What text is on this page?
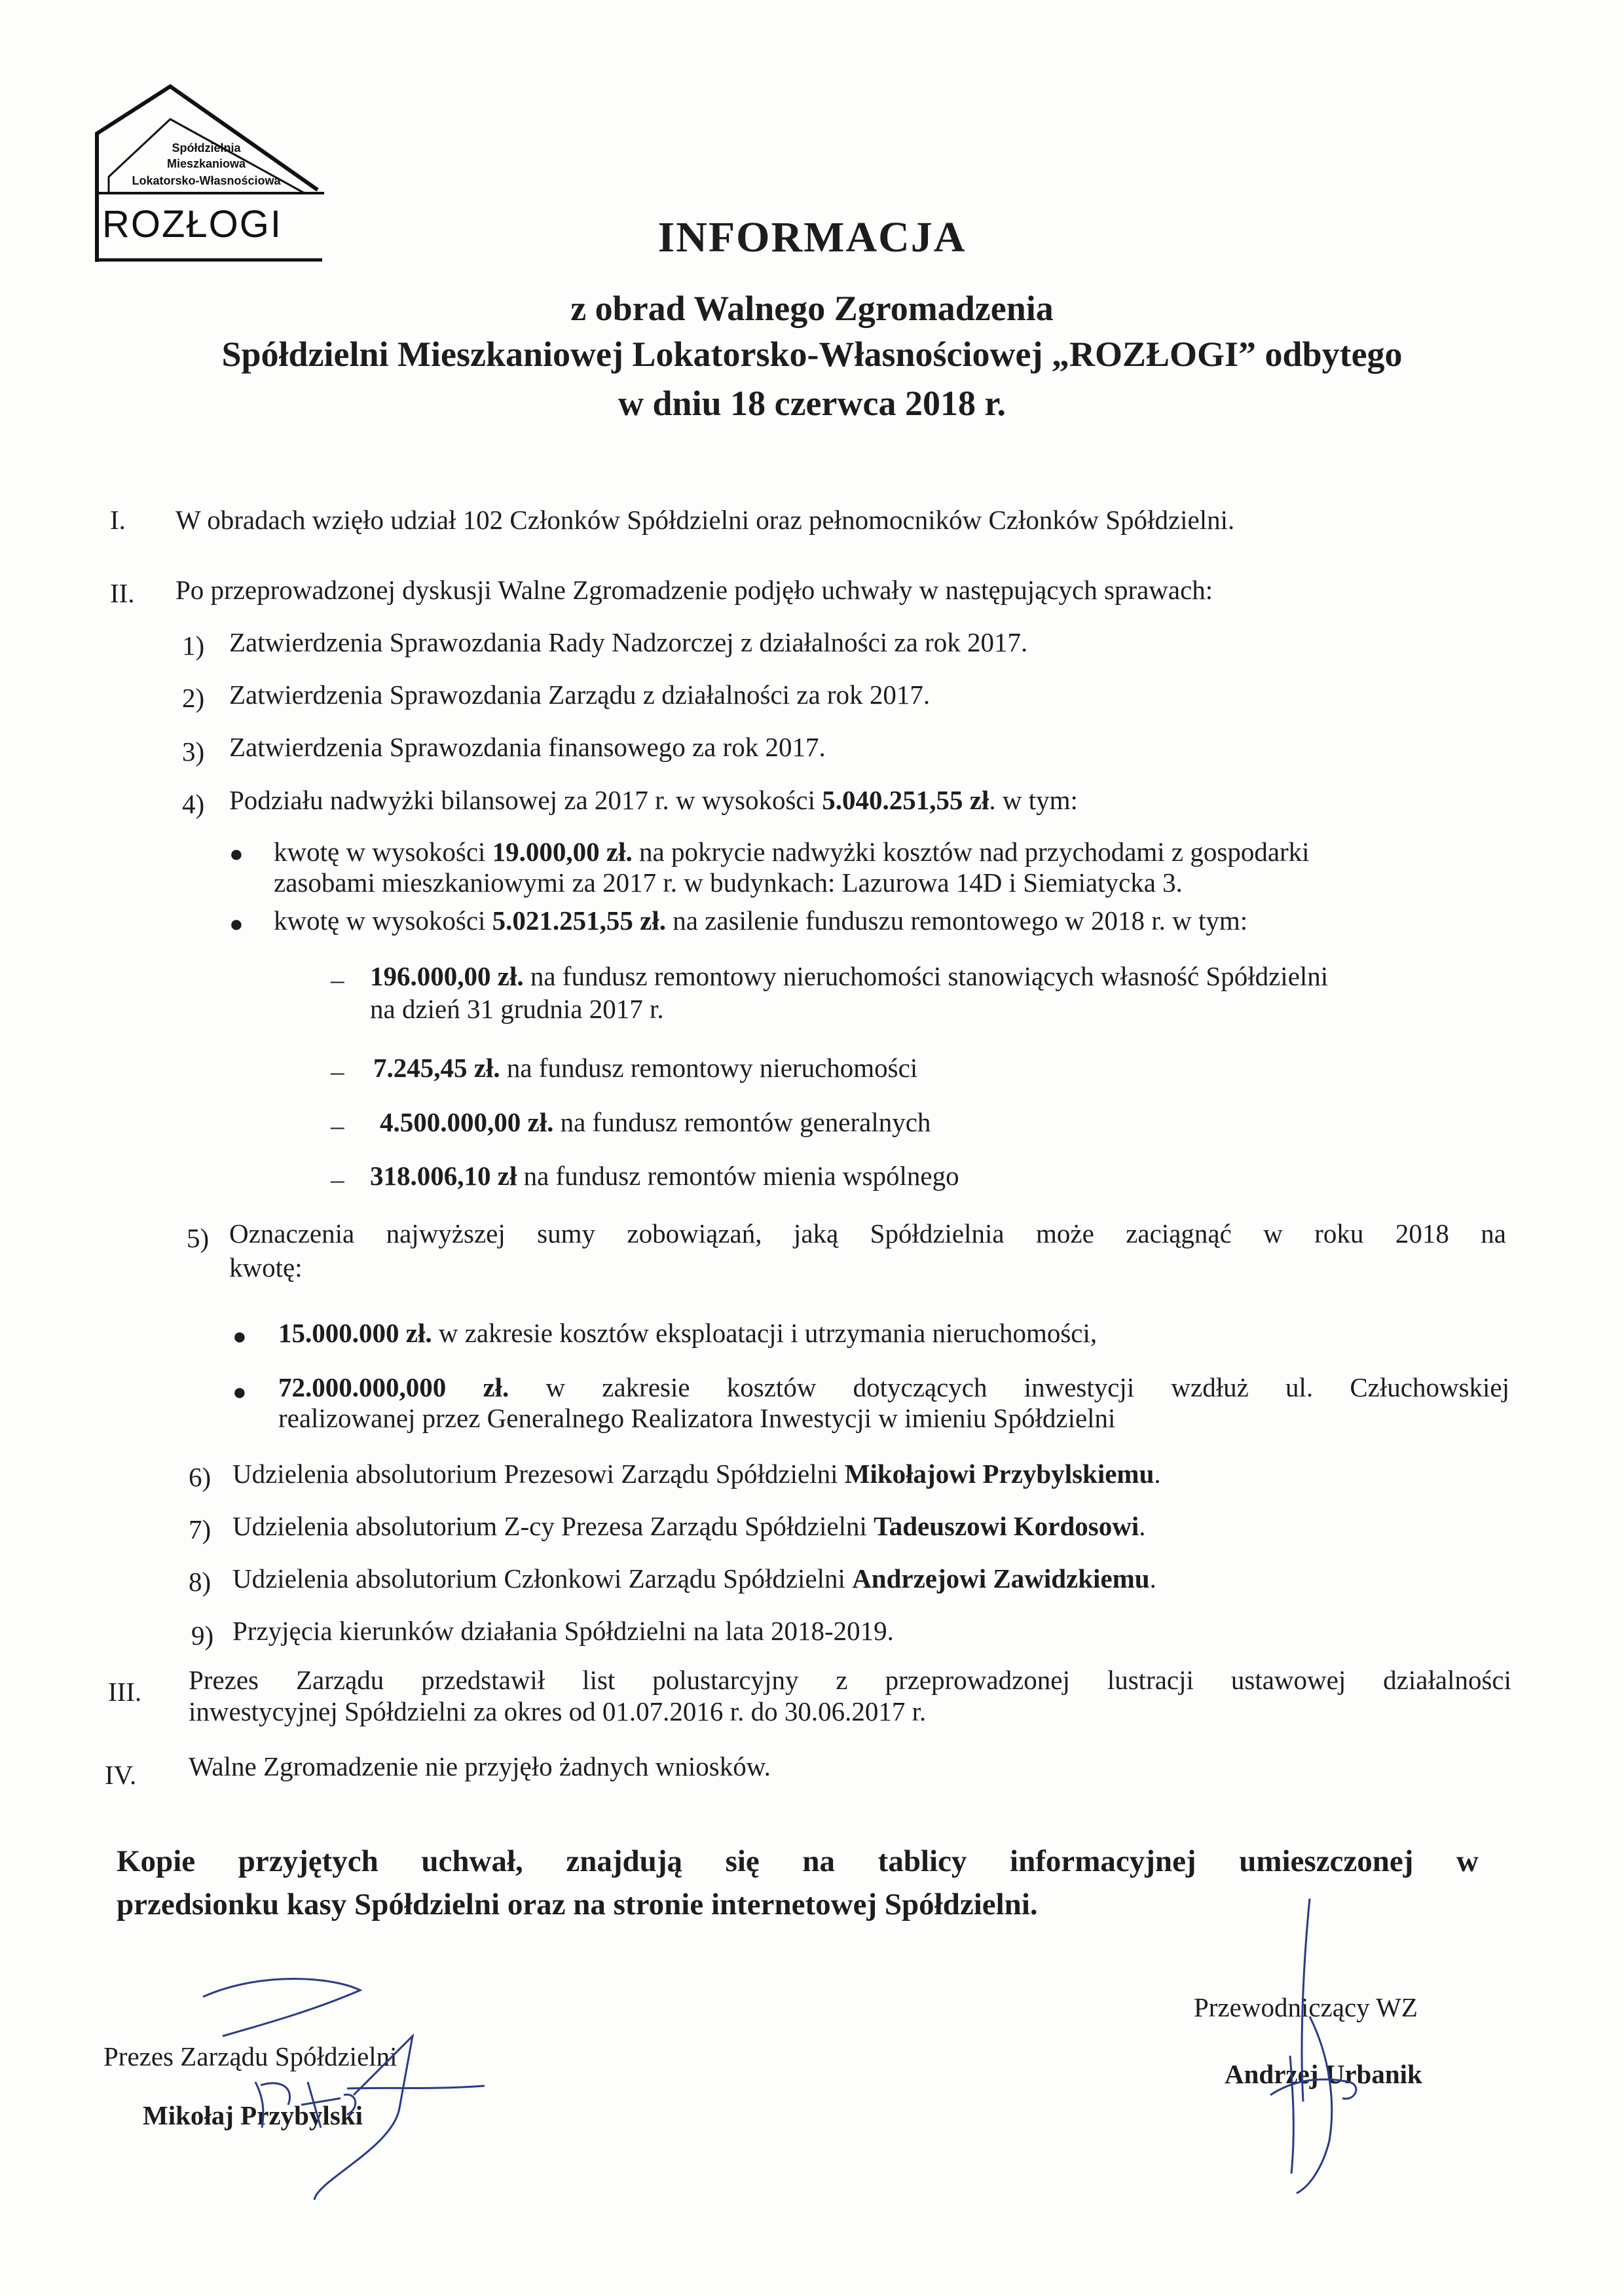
Spółdzielnia
Mieszkaniowa
Lokatorsko-Własnościowa
ROZŁOGI	INFORMACJA
z obrad Walnego Zgromadzenia
Spółdzielni Mieszkaniowej Lokatorsko-Własnościowej „ROZŁOGI” odbytego
w dniu 18 czerwca 2018 r.
I. W obradach wzięło udział 102 Członków Spółdzielni oraz pełnomocników Członków Spółdzielni.
II. Po przeprowadzonej dyskusji Walne Zgromadzenie podjęło uchwały w następujących sprawach:
1) Zatwierdzenia Sprawozdania Rady Nadzorczej z działalności za rok 2017.
2) Zatwierdzenia Sprawozdania Zarządu z działalności za rok 2017.
3) Zatwierdzenia Sprawozdania finansowego za rok 2017.
4) Podziału nadwyżki bilansowej za 2017 r. w wysokości 5.040.251,55 zł. w tym:
● kwotę w wysokości 19.000,00 zł. na pokrycie nadwyżki kosztów nad przychodami z gospodarki
zasobami mieszkaniowymi za 2017 r. w budynkach: Lazurowa 14D i Siemiatycka 3.
● kwotę w wysokości 5.021.251,55 zł. na zasilenie funduszu remontowego w 2018 r. w tym:
– 196.000,00 zł. na fundusz remontowy nieruchomości stanowiących własność Spółdzielni
na dzień 31 grudnia 2017 r.
– 7.245,45 zł. na fundusz remontowy nieruchomości
– 4.500.000,00 zł. na fundusz remontów generalnych
– 318.006,10 zł na fundusz remontów mienia wspólnego
5) Oznaczenia najwyższej sumy zobowiązań, jaką Spółdzielnia może zaciągnąć w roku 2018 na
kwotę:
● 15.000.000 zł. w zakresie kosztów eksploatacji i utrzymania nieruchomości,
● 72.000.000,000 zł. w zakresie kosztów dotyczących inwestycji wzdłuż ul. Człuchowskiej
realizowanej przez Generalnego Realizatora Inwestycji w imieniu Spółdzielni
6) Udzielenia absolutorium Prezesowi Zarządu Spółdzielni Mikołajowi Przybylskiemu.
7) Udzielenia absolutorium Z-cy Prezesa Zarządu Spółdzielni Tadeuszowi Kordosowi.
8) Udzielenia absolutorium Członkowi Zarządu Spółdzielni Andrzejowi Zawidzkiemu.
9) Przyjęcia kierunków działania Spółdzielni na lata 2018-2019.
III. Prezes Zarządu przedstawił list polustarcyjny z przeprowadzonej lustracji ustawowej działalności
inwestycyjnej Spółdzielni za okres od 01.07.2016 r. do 30.06.2017 r.
IV. Walne Zgromadzenie nie przyjęło żadnych wniosków.
Kopie przyjętych uchwał, znajdują się na tablicy informacyjnej umieszczonej w
przedsionku kasy Spółdzielni oraz na stronie internetowej Spółdzielni.
Prezes Zarządu Spółdzielni
Mikołaj Przybylski
Przewodniczący WZ
Andrzej Urbanik
